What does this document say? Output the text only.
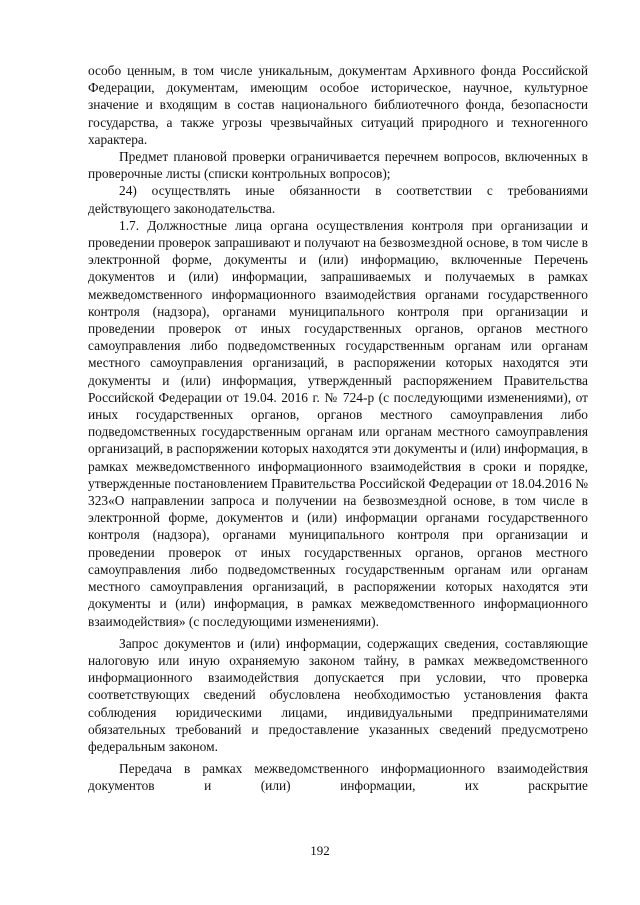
особо ценным, в том числе уникальным, документам Архивного фонда Российской Федерации, документам, имеющим особое историческое, научное, культурное значение и входящим в состав национального библиотечного фонда, безопасности государства, а также угрозы чрезвычайных ситуаций природного и техногенного характера.

Предмет плановой проверки ограничивается перечнем вопросов, включенных в проверочные листы (списки контрольных вопросов);

24) осуществлять иные обязанности в соответствии с требованиями действующего законодательства.

1.7. Должностные лица органа осуществления контроля при организации и проведении проверок запрашивают и получают на безвозмездной основе, в том числе в электронной форме, документы и (или) информацию, включенные Перечень документов и (или) информации, запрашиваемых и получаемых в рамках межведомственного информационного взаимодействия органами государственного контроля (надзора), органами муниципального контроля при организации и проведении проверок от иных государственных органов, органов местного самоуправления либо подведомственных государственным органам или органам местного самоуправления организаций, в распоряжении которых находятся эти документы и (или) информация, утвержденный распоряжением Правительства Российской Федерации от 19.04. 2016 г. № 724-р (с последующими изменениями), от иных государственных органов, органов местного самоуправления либо подведомственных государственным органам или органам местного самоуправления организаций, в распоряжении которых находятся эти документы и (или) информация, в рамках межведомственного информационного взаимодействия в сроки и порядке, утвержденные постановлением Правительства Российской Федерации от 18.04.2016 № 323«О направлении запроса и получении на безвозмездной основе, в том числе в электронной форме, документов и (или) информации органами государственного контроля (надзора), органами муниципального контроля при организации и проведении проверок от иных государственных органов, органов местного самоуправления либо подведомственных государственным органам или органам местного самоуправления организаций, в распоряжении которых находятся эти документы и (или) информация, в рамках межведомственного информационного взаимодействия» (с последующими изменениями).

Запрос документов и (или) информации, содержащих сведения, составляющие налоговую или иную охраняемую законом тайну, в рамках межведомственного информационного взаимодействия допускается при условии, что проверка соответствующих сведений обусловлена необходимостью установления факта соблюдения юридическими лицами, индивидуальными предпринимателями обязательных требований и предоставление указанных сведений предусмотрено федеральным законом.

Передача в рамках межведомственного информационного взаимодействия документов и (или) информации, их раскрытие

192
